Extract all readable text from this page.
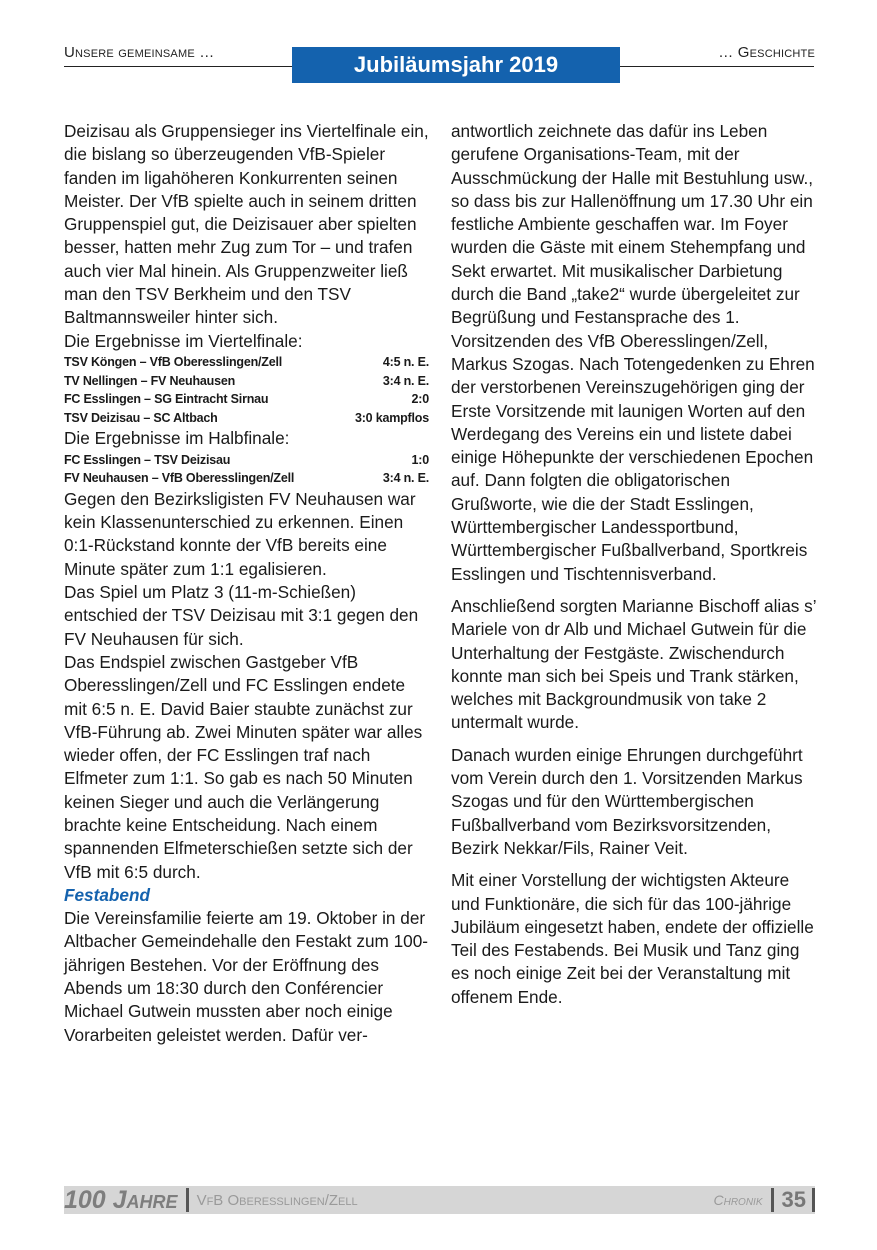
Unsere gemeinsame …	Jubiläumsjahr 2019	… Geschichte

Deizisau als Gruppensieger ins Viertelfinale ein, die bislang so überzeugenden VfB-Spieler fanden im ligahöheren Konkurrenten seinen Meister. Der VfB spielte auch in seinem dritten Gruppenspiel gut, die Deizisauer aber spielten besser, hatten mehr Zug zum Tor – und trafen auch vier Mal hinein. Als Gruppenzweiter ließ man den TSV Berkheim und den TSV Baltmannsweiler hinter sich.

Die Ergebnisse im Viertelfinale:

TSV Köngen – VfB Oberesslingen/Zell	4:5 n. E.
TV Nellingen – FV Neuhausen	3:4 n. E.
FC Esslingen – SG Eintracht Sirnau	2:0
TSV Deizisau – SC Altbach	3:0 kampflos

Die Ergebnisse im Halbfinale:

FC Esslingen – TSV Deizisau	1:0
FV Neuhausen – VfB Oberesslingen/Zell	3:4 n. E.

Gegen den Bezirksligisten FV Neuhausen war kein Klassenunterschied zu erkennen. Einen 0:1-Rückstand konnte der VfB bereits eine Minute später zum 1:1 egalisieren.

Das Spiel um Platz 3 (11-m-Schießen) entschied der TSV Deizisau mit 3:1 gegen den FV Neuhausen für sich.

Das Endspiel zwischen Gastgeber VfB Oberesslingen/Zell und FC Esslingen endete mit 6:5 n. E. David Baier staubte zunächst zur VfB-Führung ab. Zwei Minuten später war alles wieder offen, der FC Esslingen traf nach Elfmeter zum 1:1. So gab es nach 50 Minuten keinen Sieger und auch die Verlängerung brachte keine Entscheidung. Nach einem spannenden Elfmeterschießen setzte sich der VfB mit 6:5 durch.

Festabend

Die Vereinsfamilie feierte am 19. Oktober in der Altbacher Gemeindehalle den Festakt zum 100-jährigen Bestehen. Vor der Eröffnung des Abends um 18:30 durch den Conférencier Michael Gutwein mussten aber noch einige Vorarbeiten geleistet werden. Dafür ver-

antwortlich zeichnete das dafür ins Leben gerufene Organisations-Team, mit der Ausschmückung der Halle mit Bestuhlung usw., so dass bis zur Hallenöffnung um 17.30 Uhr ein festliche Ambiente geschaffen war. Im Foyer wurden die Gäste mit einem Stehempfang und Sekt erwartet. Mit musikalischer Darbietung durch die Band „take2“ wurde übergeleitet zur Begrüßung und Festansprache des 1. Vorsitzenden des VfB Oberesslingen/Zell, Markus Szogas. Nach Totengedenken zu Ehren der verstorbenen Vereinszugehörigen ging der Erste Vorsitzende mit launigen Worten auf den Werdegang des Vereins ein und listete dabei einige Höhepunkte der verschiedenen Epochen auf. Dann folgten die obligatorischen Grußworte, wie die der Stadt Esslingen, Württembergischer Landessportbund, Württembergischer Fußballverband, Sportkreis Esslingen und Tischtennisverband.

Anschließend sorgten Marianne Bischoff alias s’ Mariele von dr Alb und Michael Gutwein für die Unterhaltung der Festgäste. Zwischendurch konnte man sich bei Speis und Trank stärken, welches mit Backgroundmusik von take 2 untermalt wurde.

Danach wurden einige Ehrungen durchgeführt vom Verein durch den 1. Vorsitzenden Markus Szogas und für den Württembergischen Fußballverband vom Bezirksvorsitzenden, Bezirk Nekkar/Fils, Rainer Veit.

Mit einer Vorstellung der wichtigsten Akteure und Funktionäre, die sich für das 100-jährige Jubiläum eingesetzt haben, endete der offizielle Teil des Festabends. Bei Musik und Tanz ging es noch einige Zeit bei der Veranstaltung mit offenem Ende.

100 Jahre VfB Oberesslingen/Zell	Chronik 35
